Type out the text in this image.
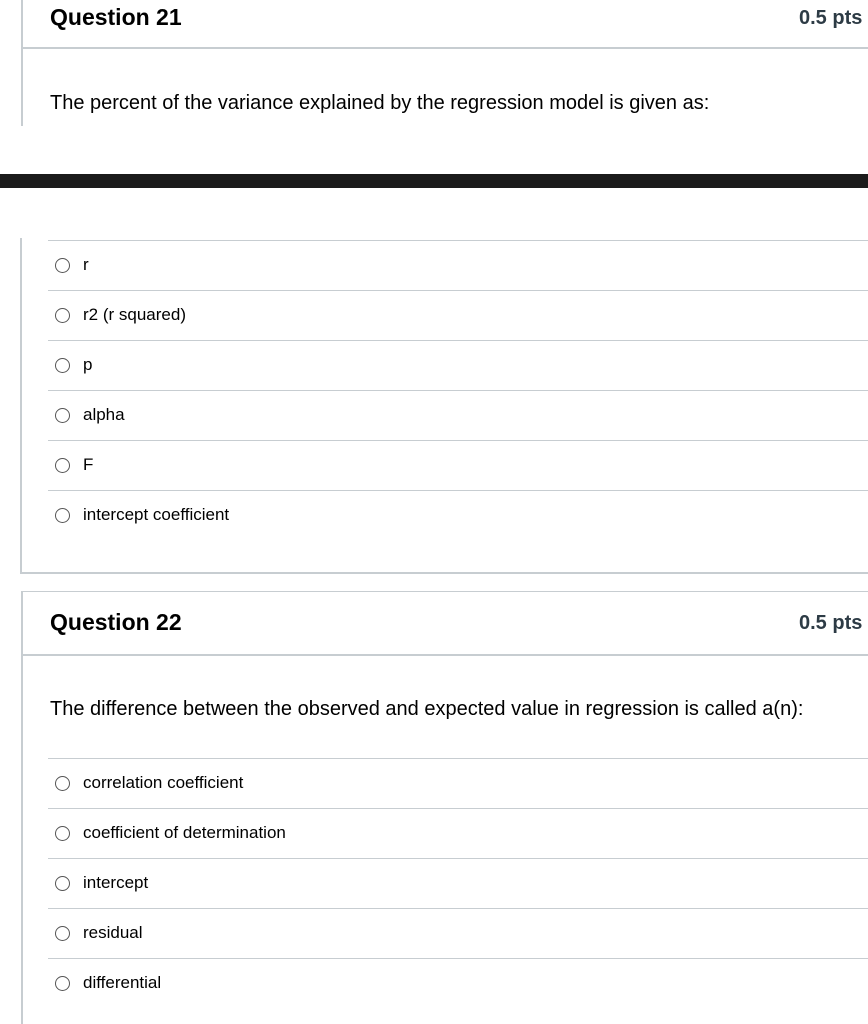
Question 21	0.5 pts
The percent of the variance explained by the regression model is given as:
r
r2 (r squared)
p
alpha
F
intercept coefficient
Question 22	0.5 pts
The difference between the observed and expected value in regression is called a(n):
correlation coefficient
coefficient of determination
intercept
residual
differential
